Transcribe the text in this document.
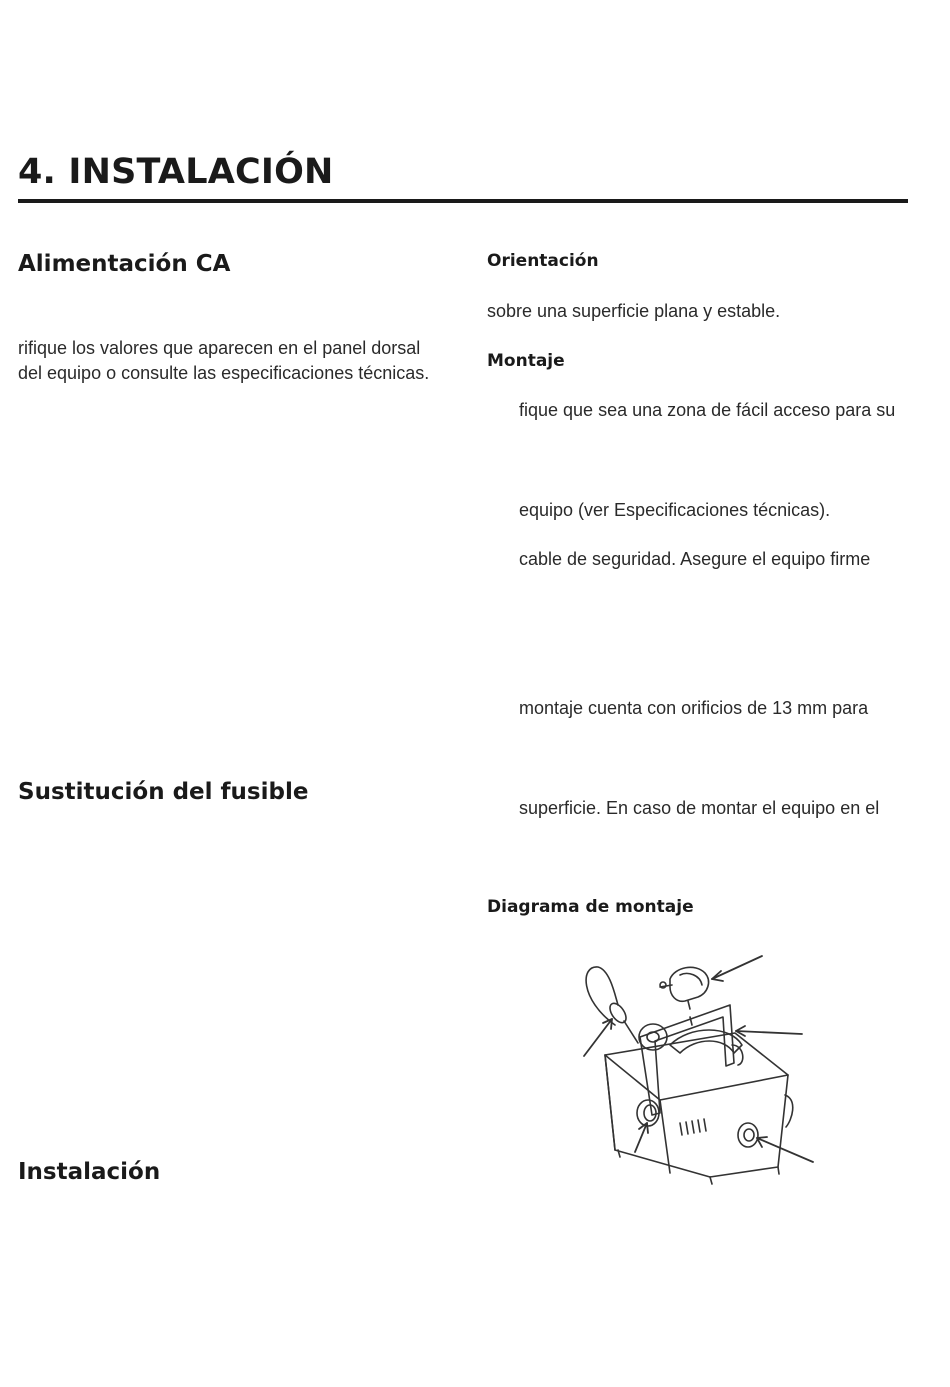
4. INSTALACIÓN
Alimentación CA
rifique los valores que aparecen en el panel dorsal
del equipo o consulte las especificaciones técnicas.
Sustitución del fusible
Instalación
Orientación
sobre una superficie plana y estable.
Montaje
fique que sea una zona de fácil acceso para su
equipo (ver Especificaciones técnicas).
cable de seguridad. Asegure el equipo firme
montaje cuenta con orificios de 13 mm para
superficie. En caso de montar el equipo en el
Diagrama de montaje
